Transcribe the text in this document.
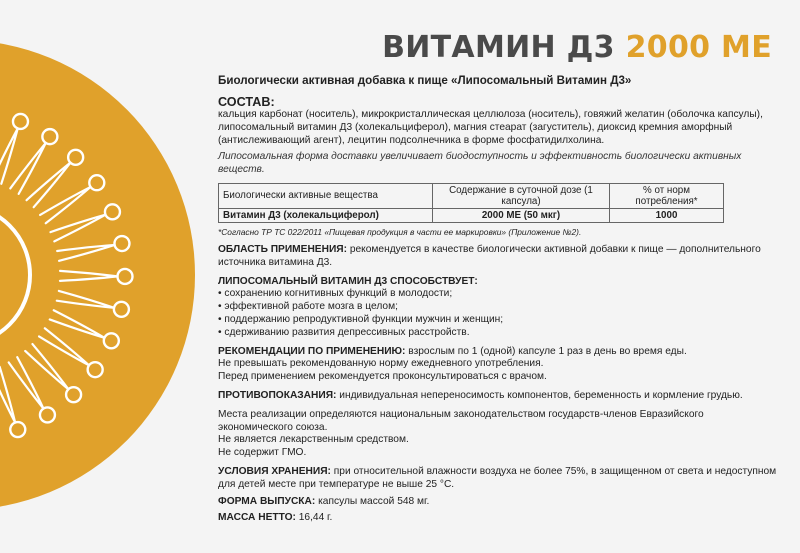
ВИТАМИН Д3 2000 МЕ
Биологически активная добавка к пище «Липосомальный Витамин Д3»
СОСТАВ:

кальция карбонат (носитель), микрокристаллическая целлюлоза (носитель), говяжий желатин (оболочка капсулы), липосомальный витамин Д3 (холекальциферол), магния стеарат (загуститель), диоксид кремния аморфный (антислеживающий агент), лецитин подсолнечника в форме фосфатидилхолина.

Липосомальная форма доставки увеличивает биодоступность и эффективность биологически активных веществ.

Биологически активные вещества	Содержание в суточной дозе (1 капсула)	% от норм потребления*
Витамин Д3 (холекальциферол)	2000 МЕ (50 мкг)	1000
*Согласно ТР ТС 022/2011 «Пищевая продукция в части ее маркировки» (Приложение №2).

ОБЛАСТЬ ПРИМЕНЕНИЯ: рекомендуется в качестве биологически активной добавки к пище — дополнительного источника витамина Д3.

ЛИПОСОМАЛЬНЫЙ ВИТАМИН Д3 СПОСОБСТВУЕТ:
• сохранению когнитивных функций в молодости;
• эффективной работе мозга в целом;
• поддержанию репродуктивной функции мужчин и женщин;
• сдерживанию развития депрессивных расстройств.

РЕКОМЕНДАЦИИ ПО ПРИМЕНЕНИЮ: взрослым по 1 (одной) капсуле 1 раз в день во время еды.

Не превышать рекомендованную норму ежедневного употребления.

Перед применением рекомендуется проконсультироваться с врачом.

ПРОТИВОПОКАЗАНИЯ: индивидуальная непереносимость компонентов, беременность и кормление грудью.

Места реализации определяются национальным законодательством государств-членов Евразийского экономического союза.

Не является лекарственным средством.

Не содержит ГМО.

УСЛОВИЯ ХРАНЕНИЯ: при относительной влажности воздуха не более 75%, в защищенном от света и недоступном для детей месте при температуре не выше 25 °С.

ФОРМА ВЫПУСКА: капсулы массой 548 мг.

МАССА НЕТТО: 16,44 г.
